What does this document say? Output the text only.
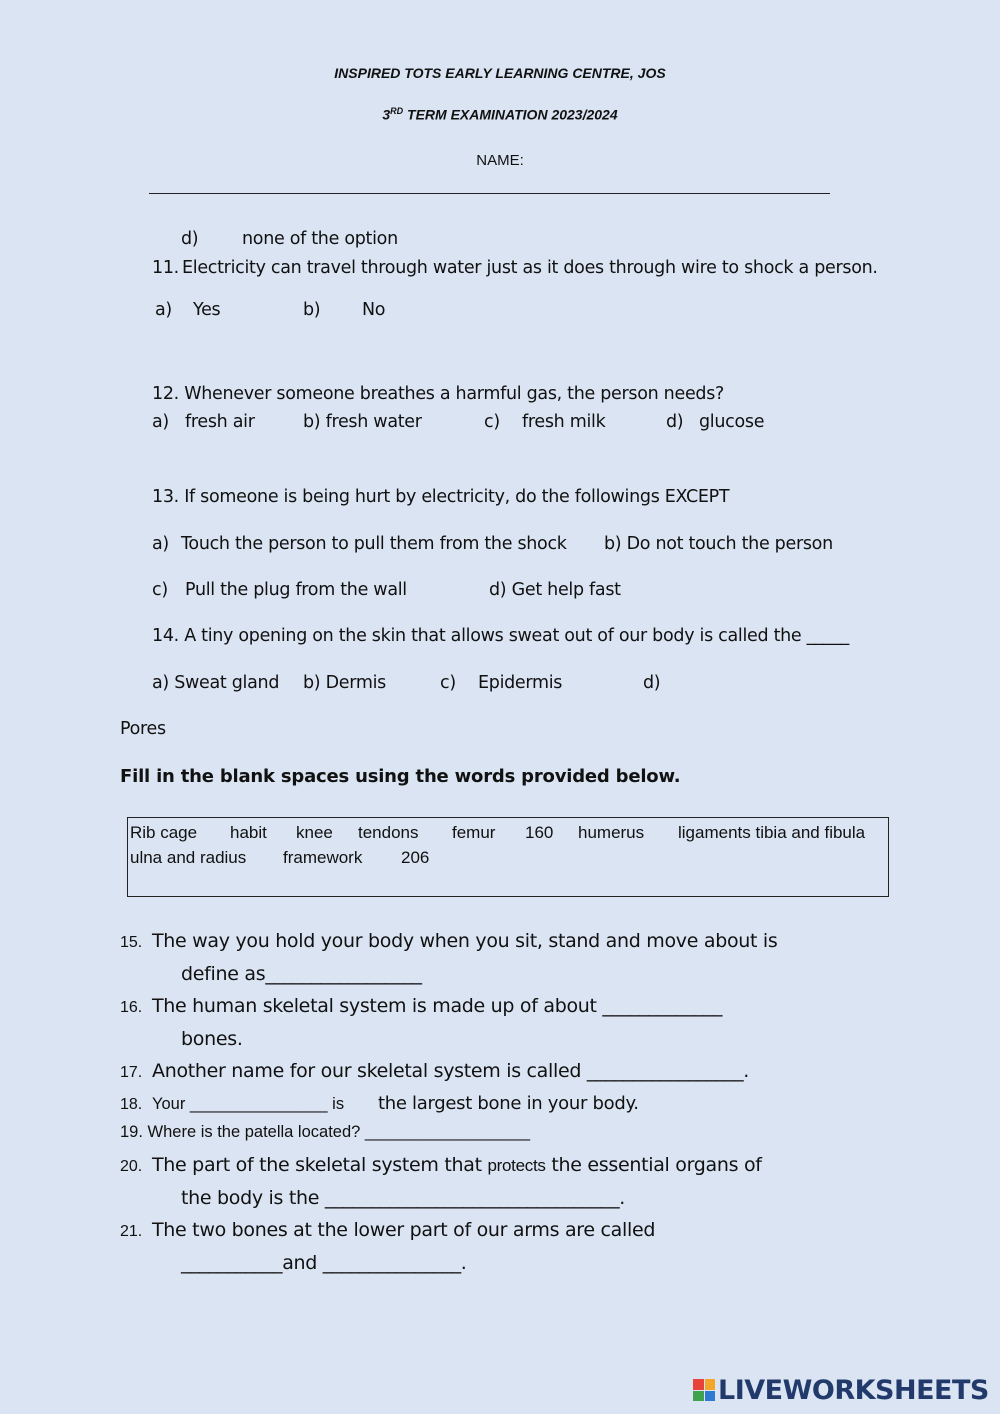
INSPIRED TOTS EARLY LEARNING CENTRE, JOS
3RD TERM EXAMINATION 2023/2024
NAME:
d) none of the option
11. Electricity can travel through water just as it does through wire to shock a person.
a) Yes	b) No
12. Whenever someone breathes a harmful gas, the person needs?
a) fresh air	b) fresh water	c) fresh milk	d) glucose
13. If someone is being hurt by electricity, do the followings EXCEPT
a) Touch the person to pull them from the shock b) Do not touch the person
c) Pull the plug from the wall	d) Get help fast
14. A tiny opening on the skin that allows sweat out of our body is called the _____
a) Sweat gland b) Dermis	c) Epidermis	d)
Pores
Fill in the blank spaces using the words provided below.
Rib cage habit knee tendons femur 160 humerus ligaments tibia and fibula
ulna and radius framework 206
15. The way you hold your body when you sit, stand and move about is
define as_________________
16. The human skeletal system is made up of about _____________
bones.
17. Another name for our skeletal system is called _________________.
18. Your _______________ is the largest bone in your body.
19. Where is the patella located? __________________
20. The part of the skeletal system that protects the essential organs of
the body is the ________________________________.
21. The two bones at the lower part of our arms are called
___________and _______________.
LIVEWORKSHEETS
